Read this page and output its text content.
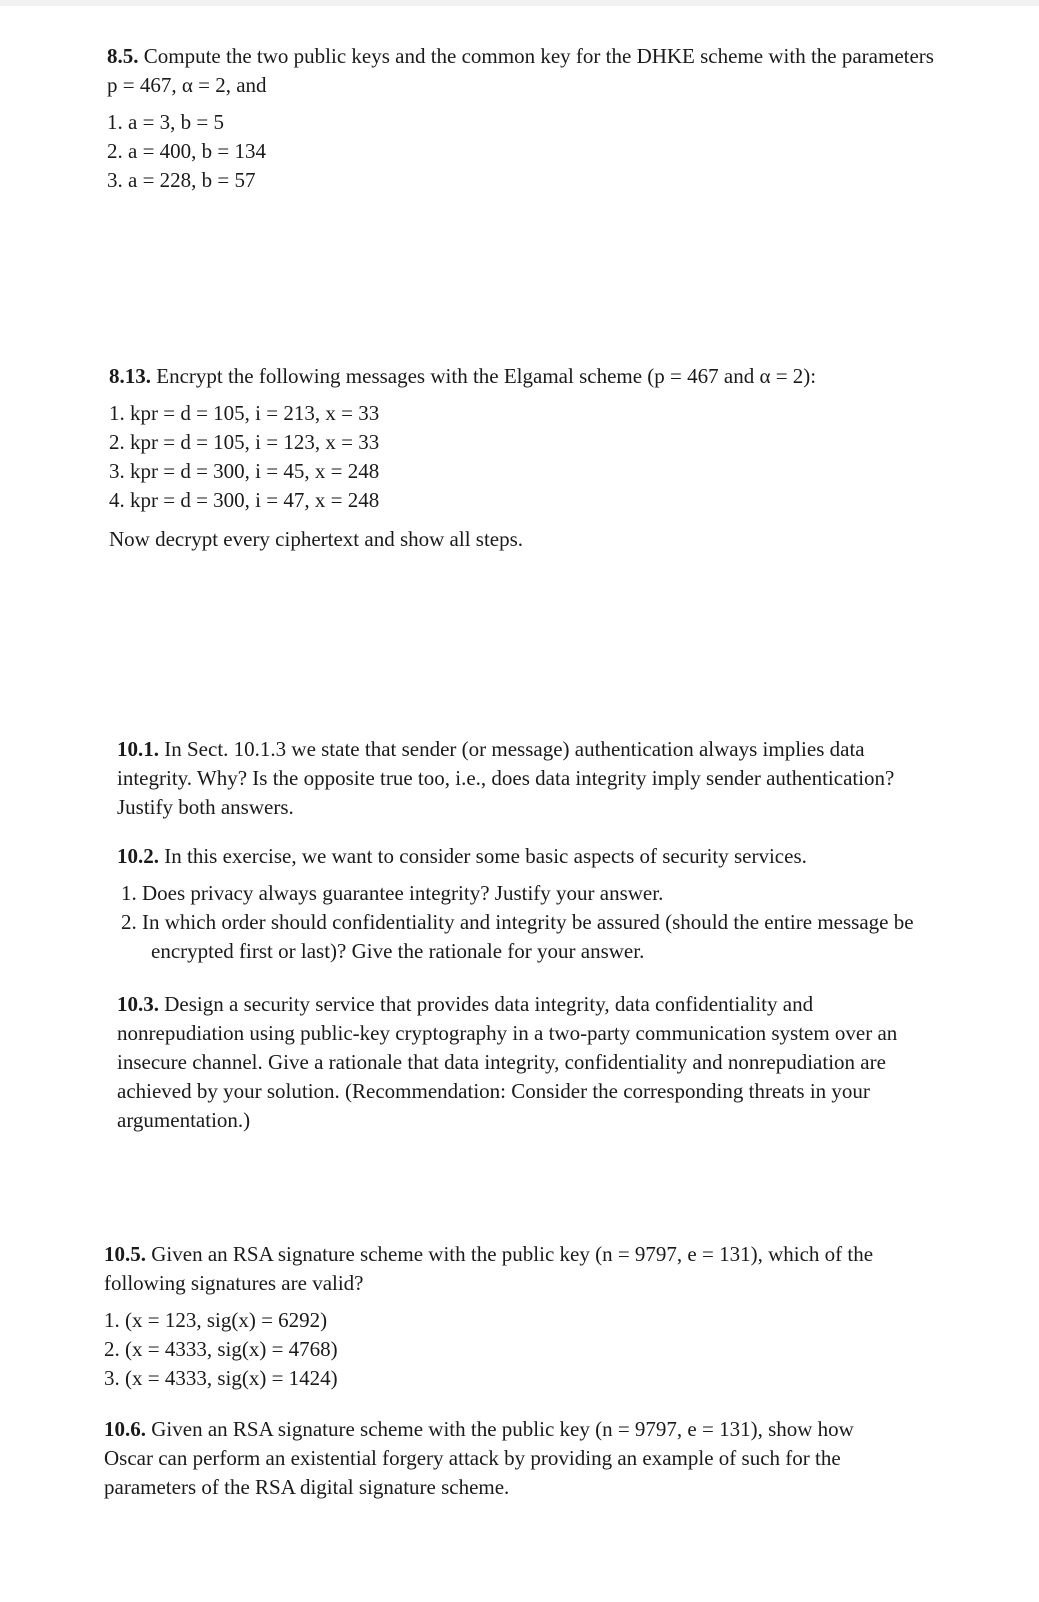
8.5. Compute the two public keys and the common key for the DHKE scheme with the parameters p = 467, α = 2, and

1. a = 3, b = 5
2. a = 400, b = 134
3. a = 228, b = 57

8.13. Encrypt the following messages with the Elgamal scheme (p = 467 and α = 2):

1. kpr = d = 105, i = 213, x = 33
2. kpr = d = 105, i = 123, x = 33
3. kpr = d = 300, i = 45, x = 248
4. kpr = d = 300, i = 47, x = 248

Now decrypt every ciphertext and show all steps.

10.1. In Sect. 10.1.3 we state that sender (or message) authentication always implies data integrity. Why? Is the opposite true too, i.e., does data integrity imply sender authentication? Justify both answers.

10.2. In this exercise, we want to consider some basic aspects of security services.

1. Does privacy always guarantee integrity? Justify your answer.
2. In which order should confidentiality and integrity be assured (should the entire message be encrypted first or last)? Give the rationale for your answer.

10.3. Design a security service that provides data integrity, data confidentiality and nonrepudiation using public-key cryptography in a two-party communication system over an insecure channel. Give a rationale that data integrity, confidentiality and nonrepudiation are achieved by your solution. (Recommendation: Consider the corresponding threats in your argumentation.)

10.5. Given an RSA signature scheme with the public key (n = 9797, e = 131), which of the following signatures are valid?

1. (x = 123, sig(x) = 6292)
2. (x = 4333, sig(x) = 4768)
3. (x = 4333, sig(x) = 1424)

10.6. Given an RSA signature scheme with the public key (n = 9797, e = 131), show how Oscar can perform an existential forgery attack by providing an example of such for the parameters of the RSA digital signature scheme.
